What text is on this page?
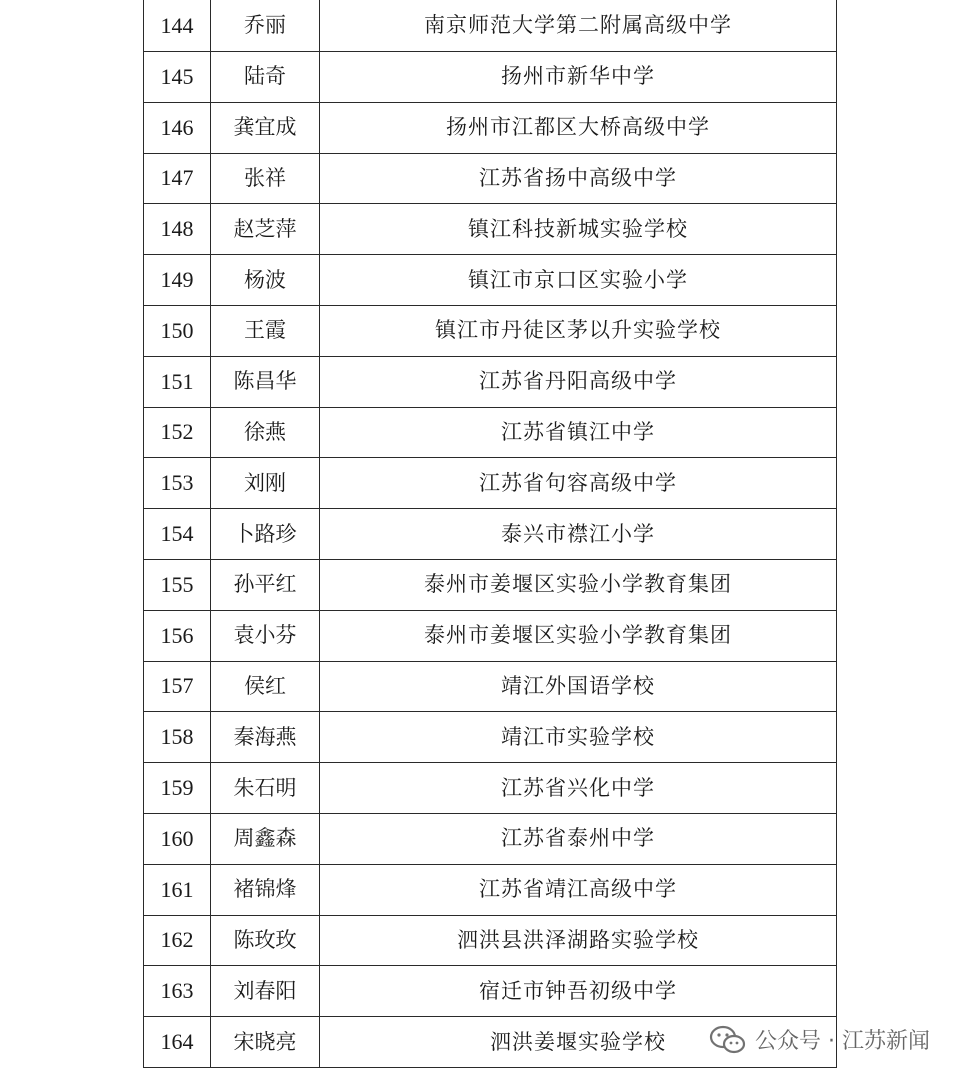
144	乔丽	南京师范大学第二附属高级中学
145	陆奇	扬州市新华中学
146	龚宜成	扬州市江都区大桥高级中学
147	张祥	江苏省扬中高级中学
148	赵芝萍	镇江科技新城实验学校
149	杨波	镇江市京口区实验小学
150	王霞	镇江市丹徒区茅以升实验学校
151	陈昌华	江苏省丹阳高级中学
152	徐燕	江苏省镇江中学
153	刘刚	江苏省句容高级中学
154	卜路珍	泰兴市襟江小学
155	孙平红	泰州市姜堰区实验小学教育集团
156	袁小芬	泰州市姜堰区实验小学教育集团
157	侯红	靖江外国语学校
158	秦海燕	靖江市实验学校
159	朱石明	江苏省兴化中学
160	周鑫森	江苏省泰州中学
161	褚锦烽	江苏省靖江高级中学
162	陈玫玫	泗洪县洪泽湖路实验学校
163	刘春阳	宿迁市钟吾初级中学
164	宋晓亮	泗洪姜堰实验学校	公众号 · 江苏新闻
